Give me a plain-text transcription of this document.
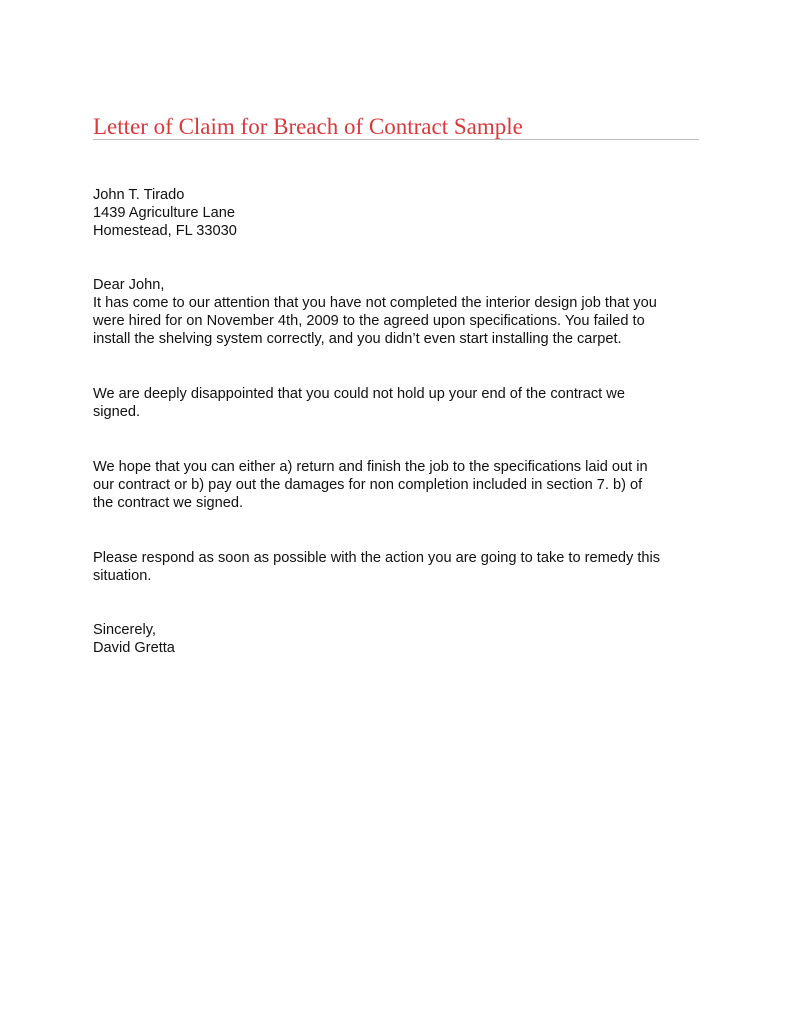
Letter of Claim for Breach of Contract Sample
John T. Tirado
1439 Agriculture Lane
Homestead, FL 33030
Dear John,
It has come to our attention that you have not completed the interior design job that you
were hired for on November 4th, 2009 to the agreed upon specifications. You failed to
install the shelving system correctly, and you didn’t even start installing the carpet.
We are deeply disappointed that you could not hold up your end of the contract we
signed.
We hope that you can either a) return and finish the job to the specifications laid out in
our contract or b) pay out the damages for non completion included in section 7. b) of
the contract we signed.
Please respond as soon as possible with the action you are going to take to remedy this
situation.
Sincerely,
David Gretta
